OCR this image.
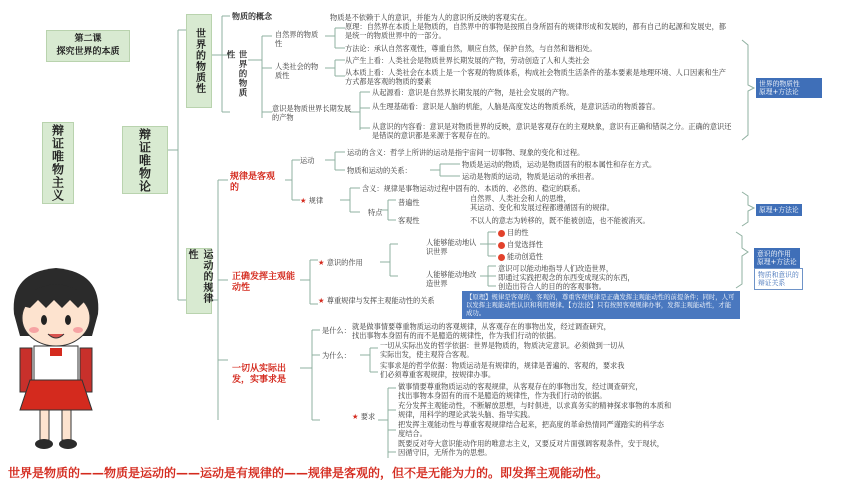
第二课
探究世界的本质
辩证唯物主义	辩证唯物论
世界的物质性
运动的规律性
世界的物质性
物质的概念	物质是不依赖于人的意识，并能为人的意识所反映的客观实在。
自然界的物质性
原理：自然界在本质上是物质的，自然界中的事物是按照自身所固有的规律形成和发展的，都有自己的起源和发展史，都是统一的物质世界中的一部分。
方法论：承认自然客观性，尊重自然，顺应自然，保护自然，与自然和谐相处。
人类社会的物质性
从产生上看：人类社会是物质世界长期发展的产物，劳动创造了人和人类社会
从本质上看：人类社会在本质上是一个客观的物质体系，构成社会物质生活条件的基本要素是地理环境、人口因素和生产方式都是客观的物质的要素
意识是物质世界长期发展的产物
从起源看：意识是自然界长期发展的产物，是社会发展的产物。
从生理基础看：意识是人脑的机能，人脑是高度发达的物质系统，是意识活动的物质器官。
从意识的内容看：意识是对物质世界的反映，意识是客观存在的主观映象，意识有正确和错误之分。正确的意识还是错误的意识都是来源于客观存在的。
世界的物质性
原理+方法论
规律是客观的
运动
运动的含义：哲学上所讲的运动是指宇宙间一切事物、现象的变化和过程。
物质和运动的关系：
物质是运动的物质，运动是物质固有的根本属性和存在方式。
运动是物质的运动，物质是运动的承担者。
★ 规律
含义：规律是事物运动过程中固有的、本质的、必然的、稳定的联系。
特点
普遍性	自然界、人类社会和人的思维，
其运动、变化和发展过程都遵循固有的规律。
客观性	不以人的意志为转移的，既不能被创造，也不能被消灭。
原理+方法论
正确发挥主观能动性
★ 意识的作用
人能够能动地认识世界
目的性
自觉选择性
能动创造性
人能够能动地改造世界
意识可以能动地指导人们改造世界，
即通过实践把观念的东西变成现实的东西，
创造出符合人的目的的客观事物。
意识的作用
原理+方法论
物质和意识的
辩证关系
★ 尊重规律与发挥主观能动性的关系	【原理】规律是客观的，客观的，尊重客观规律是正确发挥主观能动性的前提条件；同时，人可以发挥主观能动性认识和利用规律。【方法论】只有按照客观规律办事，发挥主观能动性，才能成功。
一切从实际出发，实事求是
是什么： 就是做事情要尊重物质运动的客观规律，从客观存在的事物出发，经过调查研究，
找出事物本身固有的而不是臆造的规律性，作为我们行动的依据。
为什么：
一切从实际出发的哲学依据：世界是物质的，物质决定意识。必须做到一切从
实际出发，使主观符合客观。
实事求是的哲学依据：物质运动是有规律的，规律是普遍的、客观的，要求我
们必须尊重客观规律，按规律办事。
★ 要求
做事情要尊重物质运动的客观规律，从客观存在的事物出发，经过调查研究，
找出事物本身固有的而不是臆造的规律性，作为我们行动的依据。
充分发挥主观能动性，不断解放思想，与时俱进，以求真务实的精神探求事物的本质和
规律，用科学的理论武装头脑、指导实践。
把发挥主观能动性与尊重客观规律结合起来，把高度的革命热情同严谨踏实的科学态
度结合。
既要反对夸大意识能动作用的唯意志主义，又要反对片面强调客观条件，安于现状，
因循守旧，无所作为的思想。
世界是物质的——物质是运动的——运动是有规律的——规律是客观的，但不是无能为力的。即发挥主观能动性。
